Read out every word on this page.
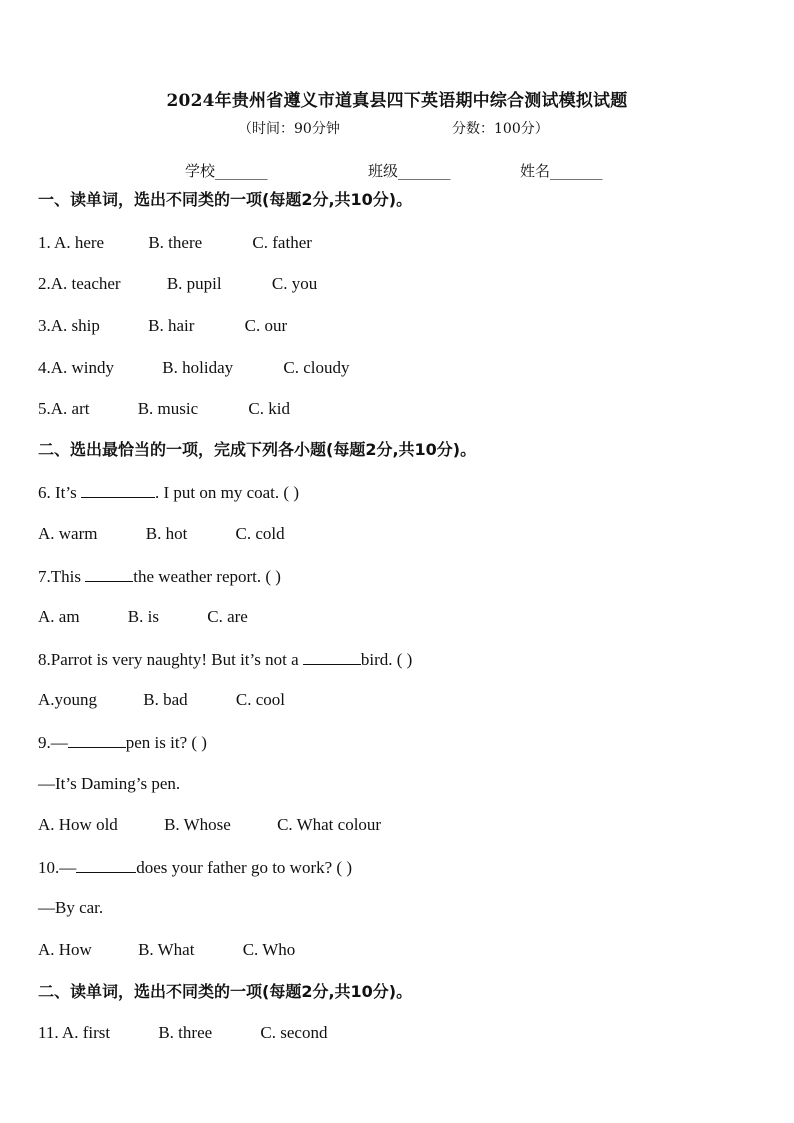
2024年贵州省遵义市道真县四下英语期中综合测试模拟试题
（时间：90分钟	分数：100分）
学校_______	班级_______	姓名_______
一、读单词，选出不同类的一项(每题2分,共10分)。
1. A. here	B. there	C. father
2.A. teacher	B. pupil	C. you
3.A. ship	B. hair	C. our
4.A. windy	B. holiday	C. cloudy
5.A. art	B. music	C. kid
二、选出最恰当的一项，完成下列各小题(每题2分,共10分)。
6. It’s	. I put on my coat. ( )
A. warm	B. hot	C. cold
7.This	the weather report. ( )
A. am	B. is	C. are
8.Parrot is very naughty! But it’s not a	bird. ( )
A.young	B. bad	C. cool
9.—	pen is it? ( )
—It’s Daming’s pen.
A. How old	B. Whose	C. What colour
10.—	does your father go to work? ( )
—By car.
A. How	B. What	C. Who
二、读单词，选出不同类的一项(每题2分,共10分)。
11. A. first	B. three	C. second
